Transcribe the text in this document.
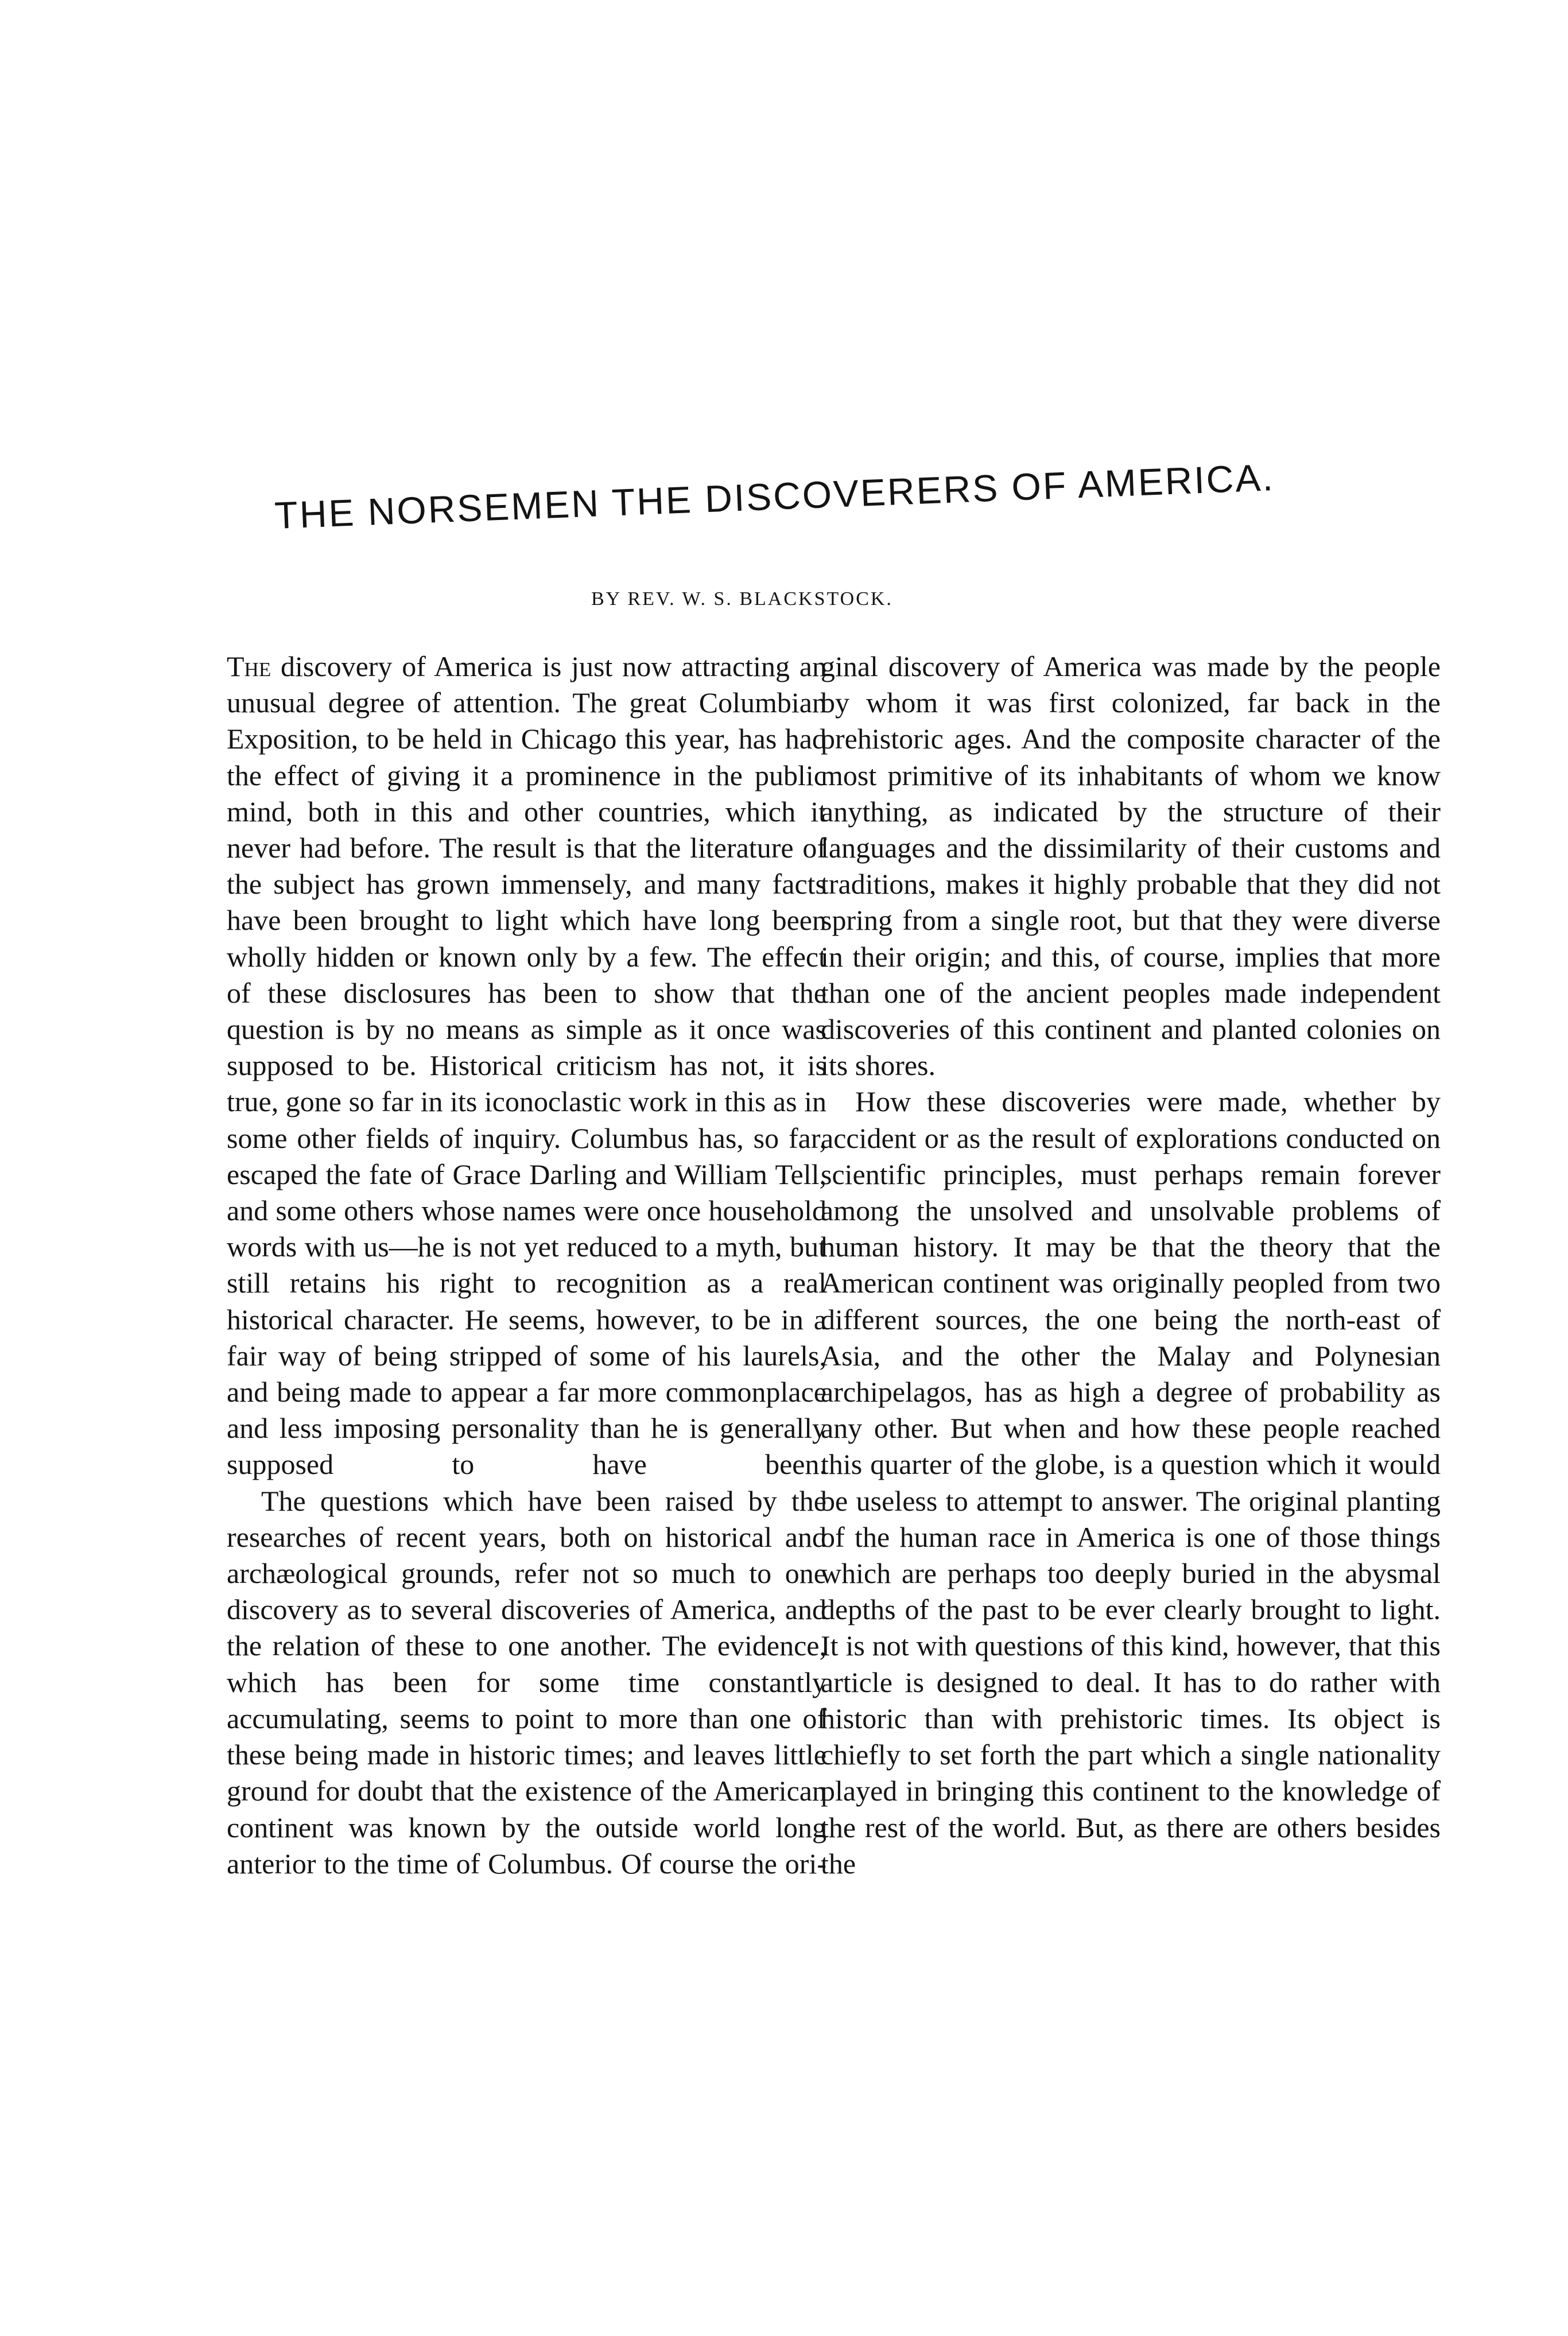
THE NORSEMEN THE DISCOVERERS OF AMERICA.
BY REV. W. S. BLACKSTOCK.

The discovery of America is just now attracting an unusual degree of attention. The great Columbian Exposition, to be held in Chicago this year, has had the effect of giving it a prominence in the public mind, both in this and other countries, which it never had before. The result is that the literature of the subject has grown immensely, and many facts have been brought to light which have long been wholly hidden or known only by a few. The effect of these disclosures has been to show that the question is by no means as simple as it once was supposed to be. Historical criticism has not, it is true, gone so far in its iconoclastic work in this as in some other fields of inquiry. Columbus has, so far, escaped the fate of Grace Darling and William Tell, and some others whose names were once household words with us—he is not yet reduced to a myth, but still retains his right to recognition as a real historical character. He seems, however, to be in a fair way of being stripped of some of his laurels, and being made to appear a far more commonplace and less imposing personality than he is generally supposed to have been.

The questions which have been raised by the researches of recent years, both on historical and archæological grounds, refer not so much to one discovery as to several discoveries of America, and the relation of these to one another. The evidence, which has been for some time constantly accumulating, seems to point to more than one of these being made in historic times; and leaves little ground for doubt that the existence of the American continent was known by the outside world long anterior to the time of Columbus. Of course the ori-

ginal discovery of America was made by the people by whom it was first colonized, far back in the prehistoric ages. And the composite character of the most primitive of its inhabitants of whom we know anything, as indicated by the structure of their languages and the dissimilarity of their customs and traditions, makes it highly probable that they did not spring from a single root, but that they were diverse in their origin; and this, of course, implies that more than one of the ancient peoples made independent discoveries of this continent and planted colonies on its shores.

How these discoveries were made, whether by accident or as the result of explorations conducted on scientific principles, must perhaps remain forever among the unsolved and unsolvable problems of human history. It may be that the theory that the American continent was originally peopled from two different sources, the one being the north-east of Asia, and the other the Malay and Polynesian archipelagos, has as high a degree of probability as any other. But when and how these people reached this quarter of the globe, is a question which it would be useless to attempt to answer. The original planting of the human race in America is one of those things which are perhaps too deeply buried in the abysmal depths of the past to be ever clearly brought to light. It is not with questions of this kind, however, that this article is designed to deal. It has to do rather with historic than with prehistoric times. Its object is chiefly to set forth the part which a single nationality played in bringing this continent to the knowledge of the rest of the world. But, as there are others besides the
